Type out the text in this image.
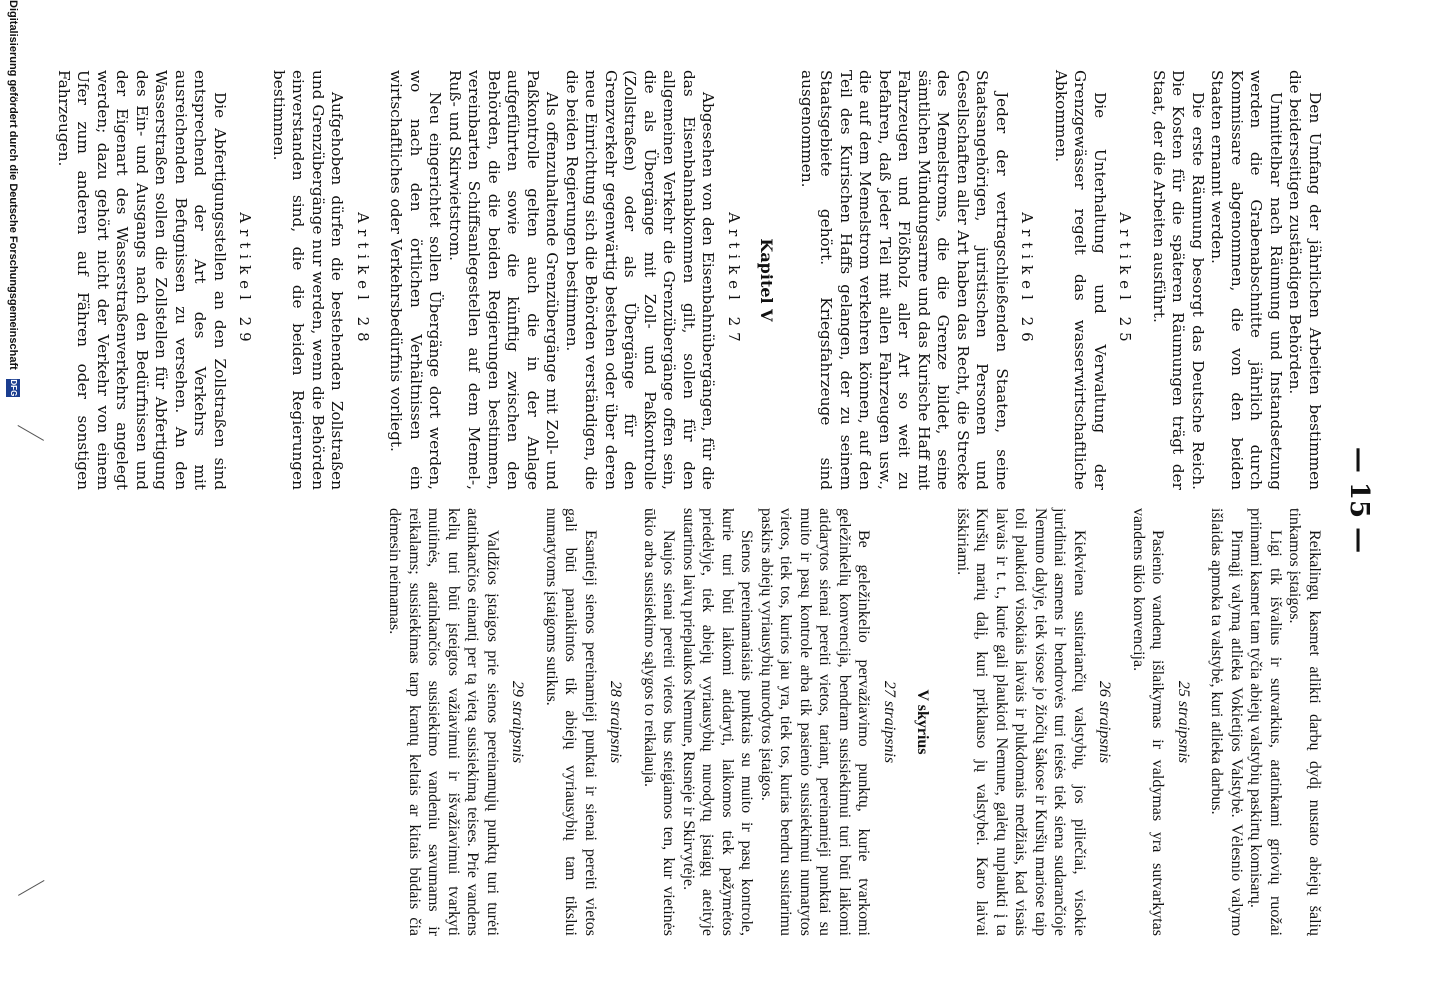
— 15 —

Den Umfang der jährlichen Arbeiten bestimmen die beiderseitigen zuständigen Behörden.

Unmittelbar nach Räumung und Instandsetzung werden die Grabenabschnitte jährlich durch Kommissare abgenommen, die von den beiden Staaten ernannt werden.

Die erste Räumung besorgt das Deutsche Reich. Die Kosten für die späteren Räumungen trägt der Staat, der die Arbeiten ausführt.

Artikel 25

Die Unterhaltung und Verwaltung der Grenzgewässer regelt das wasserwirtschaftliche Abkommen.

Artikel 26

Jeder der vertragschließenden Staaten, seine Staatsangehörigen, juristischen Personen und Gesellschaften aller Art haben das Recht, die Strecke des Memelstroms, die die Grenze bildet, seine sämtlichen Mündungsarme und das Kurische Haff mit Fahrzeugen und Flößholz aller Art so weit zu befahren, daß jeder Teil mit allen Fahrzeugen usw., die auf dem Memelstrom verkehren können, auf den Teil des Kurischen Haffs gelangen, der zu seinem Staatsgebiete gehört. Kriegsfahrzeuge sind ausgenommen.

Kapitel V
Artikel 27

Abgesehen von den Eisenbahnübergängen, für die das Eisenbahnabkommen gilt, sollen für den allgemeinen Verkehr die Grenzübergänge offen sein, die als Übergänge mit Zoll- und Paßkontrolle (Zollstraßen) oder als Übergänge für den Grenzverkehr gegenwärtig bestehen oder über deren neue Einrichtung sich die Behörden verständigen, die die beiden Regierungen bestimmen.

Als offenzuhaltende Grenzübergänge mit Zoll- und Paßkontrolle gelten auch die in der Anlage aufgeführten sowie die künftig zwischen den Behörden, die die beiden Regierungen bestimmen, vereinbarten Schiffsanlegestellen auf dem Memel-, Ruß- und Skirwietstrom.

Neu eingerichtet sollen Übergänge dort werden, wo nach den örtlichen Verhältnissen ein wirtschaftliches oder Verkehrsbedürfnis vorliegt.

Artikel 28

Aufgehoben dürfen die bestehenden Zollstraßen und Grenzübergänge nur werden, wenn die Behörden einverstanden sind, die die beiden Regierungen bestimmen.

Artikel 29

Die Abfertigungsstellen an den Zollstraßen sind entsprechend der Art des Verkehrs mit ausreichenden Befugnissen zu versehen. An den Wasserstraßen sollen die Zollstellen für Abfertigung des Ein- und Ausgangs nach den Bedürfnissen und der Eigenart des Wasserstraßenverkehrs angelegt werden; dazu gehört nicht der Verkehr von einem Ufer zum anderen auf Fähren oder sonstigen Fahrzeugen.

Reikalingų kasmet atlikti darbų dydį nustato abiejų šalių tinkamos įstaigos.

Ligi tik išvalius ir sutvarkius, atatinkami griovių ruožai priimami kasmet tam tyčia abiejų valstybių paskirtų komisarų.

Pirmąjį valymą atlieka Vokietijos Valstybė. Vėlesnio valymo išlaidas apmoka ta valstybė, kuri atlieka darbus.

25 straipsnis

Pasienio vandenų išlaikymas ir valdymas yra sutvarkytas vandens ūkio konvencija.

26 straipsnis

Kiekviena susitariančių valstybių, jos piliečiai, visokie juridiniai asmens ir bendrovės turi teisės tiek siena sudarančioje Nemuno dalyje, tiek visose jo žiočių šakose ir Kuršių mariose taip toli plaukioti visokiais laivais ir plukdomais medžiais, kad visais laivais ir t. t., kurie gali plaukioti Nemune, galėtų nuplaukti į ta Kuršių marių dalį, kuri priklauso jų valstybei. Karo laivai išskiriami.

V skyrius
27 straipsnis

Be geležinkelio pervažiavimo punktų, kurie tvarkomi geležinkelių konvencija, bendram susisiekimui turi būti laikomi atidarytos sienai pereiti vietos, tariant, pereinamieji punktai su muito ir pasų kontrole arba tik pasienio susisiekimui numatytos vietos, tiek tos, kurios jau yra, tiek tos, kurias bendru susitarimu paskirs abiejų vyriausybių nurodytos įstaigos.

Sienos pereinamaisiais punktais su muito ir pasų kontrole, kurie turi būti laikomi atidaryti, laikomos tiek pažymėtos priedėlyje, tiek abiejų vyriausybių nurodytų įstaigų ateityje sutartinos laivų prieplaukos Nemune, Rusnėje ir Skirvytėje.

Naujos sienai pereiti vietos bus steigiamos ten, kur vietinės ūkio arba susisiekimo sąlygos to reikalauja.

28 straipsnis

Esantieji sienos pereinamieji punktai ir sienai pereiti vietos gali būti panaikintos tik abiejų vyriausybių tam tikslui numatytoms įstaigoms sutikus.

29 straipsnis

Valdžios įstaigos prie sienos pereinamųjų punktų turi turėti atatinkančios einantį per tą vietą susisiekimą teises. Prie vandens kelių turi būti įsteigtos važiavimui ir išvažiavimui tvarkyti muitinės, atatinkančios susisiekimo vandeniu savumams ir reikalams; susisiekimas tarp krantų keltais ar kitais būdais čia dėmesin neimamas.

Digitalisierung gefördert durch die Deutsche Forschungsgemeinschaft DFG
